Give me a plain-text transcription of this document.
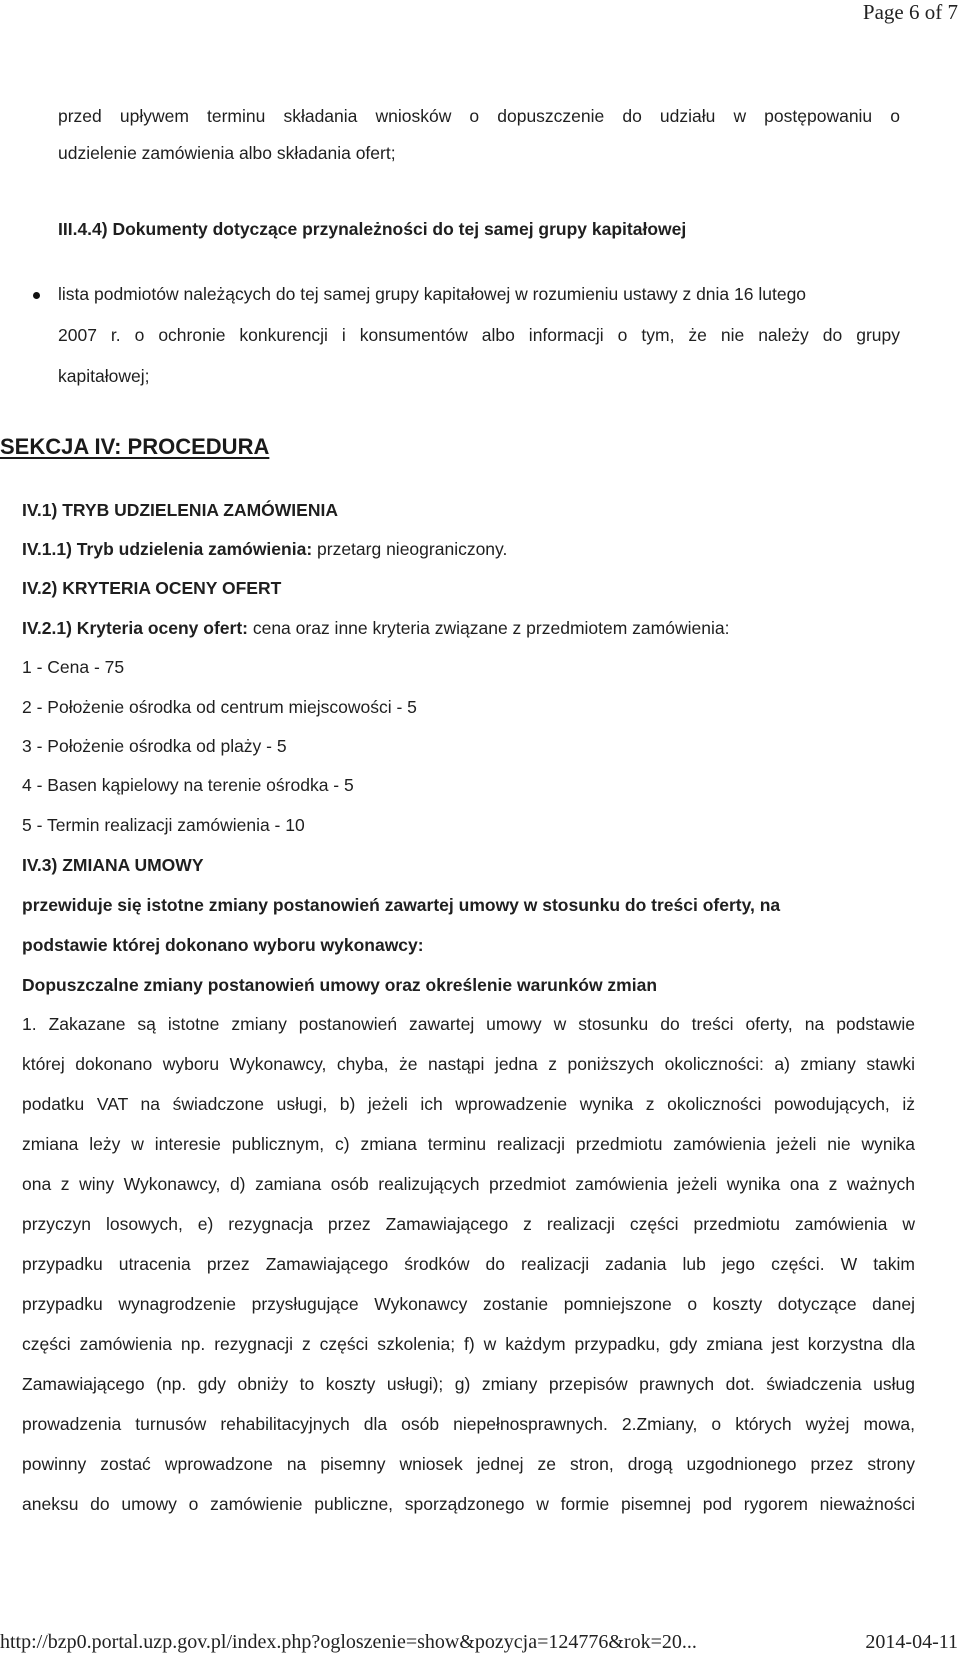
Page 6 of 7
przed upływem terminu składania wniosków o dopuszczenie do udziału w postępowaniu o
udzielenie zamówienia albo składania ofert;
III.4.4) Dokumenty dotyczące przynależności do tej samej grupy kapitałowej
lista podmiotów należących do tej samej grupy kapitałowej w rozumieniu ustawy z dnia 16 lutego
2007 r. o ochronie konkurencji i konsumentów albo informacji o tym, że nie należy do grupy
kapitałowej;
SEKCJA IV: PROCEDURA
IV.1) TRYB UDZIELENIA ZAMÓWIENIA
IV.1.1) Tryb udzielenia zamówienia: przetarg nieograniczony.
IV.2) KRYTERIA OCENY OFERT
IV.2.1) Kryteria oceny ofert: cena oraz inne kryteria związane z przedmiotem zamówienia:
1 - Cena - 75
2 - Położenie ośrodka od centrum miejscowości - 5
3 - Położenie ośrodka od plaży - 5
4 - Basen kąpielowy na terenie ośrodka - 5
5 - Termin realizacji zamówienia - 10
IV.3) ZMIANA UMOWY
przewiduje się istotne zmiany postanowień zawartej umowy w stosunku do treści oferty, na
podstawie której dokonano wyboru wykonawcy:
Dopuszczalne zmiany postanowień umowy oraz określenie warunków zmian
1. Zakazane są istotne zmiany postanowień zawartej umowy w stosunku do treści oferty, na podstawie
której dokonano wyboru Wykonawcy, chyba, że nastąpi jedna z poniższych okoliczności: a) zmiany stawki
podatku VAT na świadczone usługi, b) jeżeli ich wprowadzenie wynika z okoliczności powodujących, iż
zmiana leży w interesie publicznym, c) zmiana terminu realizacji przedmiotu zamówienia jeżeli nie wynika
ona z winy Wykonawcy, d) zamiana osób realizujących przedmiot zamówienia jeżeli wynika ona z ważnych
przyczyn losowych, e) rezygnacja przez Zamawiającego z realizacji części przedmiotu zamówienia w
przypadku utracenia przez Zamawiającego środków do realizacji zadania lub jego części. W takim
przypadku wynagrodzenie przysługujące Wykonawcy zostanie pomniejszone o koszty dotyczące danej
części zamówienia np. rezygnacji z części szkolenia; f) w każdym przypadku, gdy zmiana jest korzystna dla
Zamawiającego (np. gdy obniży to koszty usługi); g) zmiany przepisów prawnych dot. świadczenia usług
prowadzenia turnusów rehabilitacyjnych dla osób niepełnosprawnych. 2.Zmiany, o których wyżej mowa,
powinny zostać wprowadzone na pisemny wniosek jednej ze stron, drogą uzgodnionego przez strony
aneksu do umowy o zamówienie publiczne, sporządzonego w formie pisemnej pod rygorem nieważności
http://bzp0.portal.uzp.gov.pl/index.php?ogloszenie=show&pozycja=124776&rok=20...	2014-04-11
